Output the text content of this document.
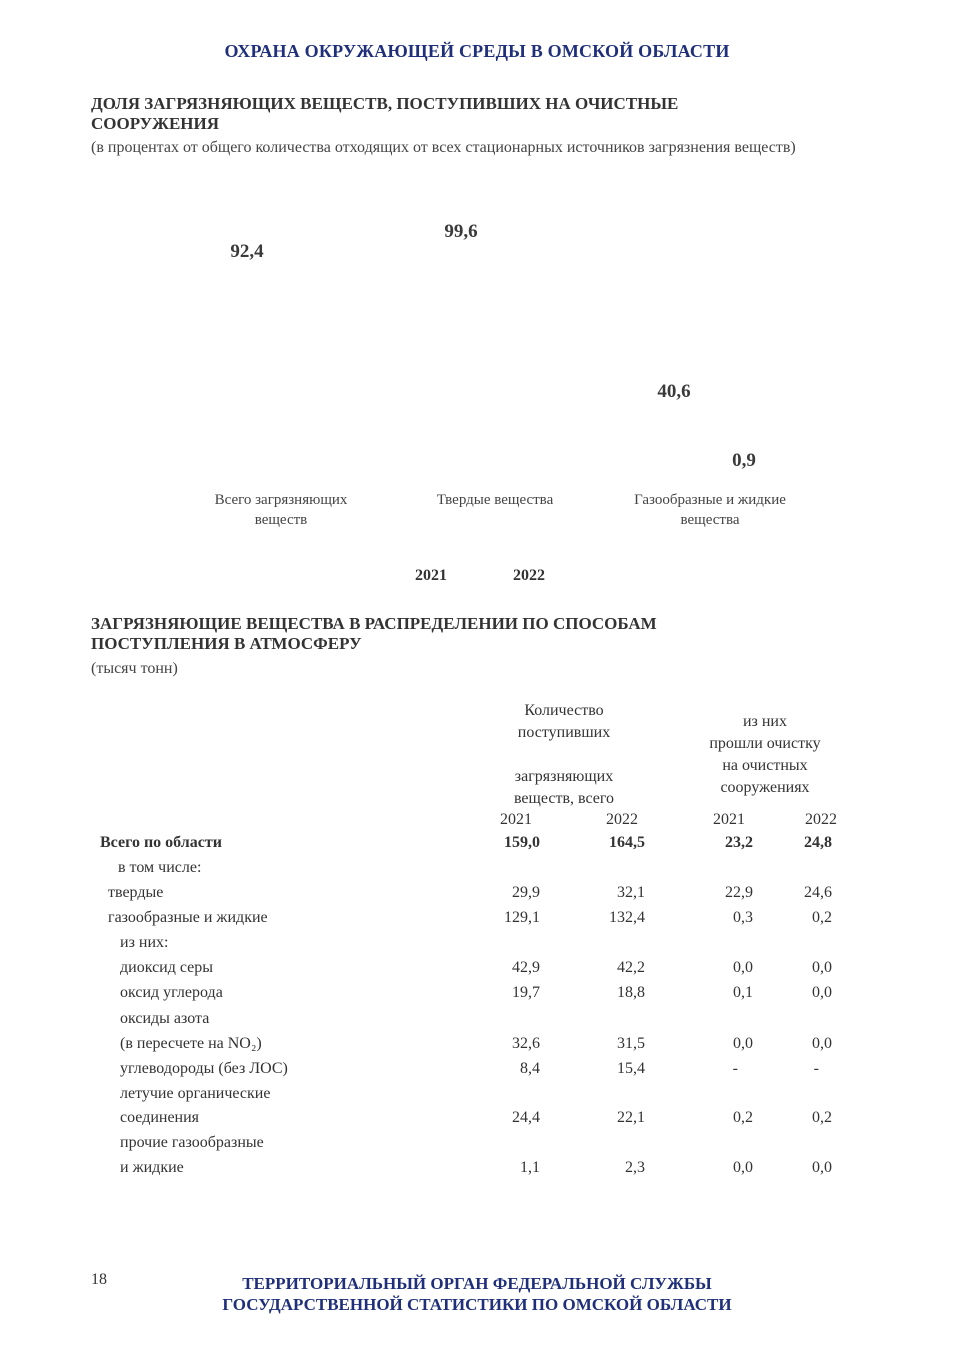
ОХРАНА ОКРУЖАЮЩЕЙ СРЕДЫ В ОМСКОЙ ОБЛАСТИ
ДОЛЯ ЗАГРЯЗНЯЮЩИХ ВЕЩЕСТВ, ПОСТУПИВШИХ НА ОЧИСТНЫЕ СООРУЖЕНИЯ
(в процентах от общего количества отходящих от всех стационарных источников загрязнения веществ)
92,4
99,6
40,6
0,9
Всего загрязняющих веществ
Твердые вещества	Газообразные и жидкие вещества
2021	2022
ЗАГРЯЗНЯЮЩИЕ ВЕЩЕСТВА В РАСПРЕДЕЛЕНИИ ПО СПОСОБАМ ПОСТУПЛЕНИЯ В АТМОСФЕРУ
(тысяч тонн)
Количество
поступивших
загрязняющих
веществ, всего
из них
прошли очистку
на очистных
сооружениях
2021	2022	2021	2022
Всего по области	159,0	164,5	23,2	24,8
в том числе:
твердые	29,9	32,1	22,9	24,6
газообразные и жидкие	129,1	132,4	0,3	0,2
из них:
диоксид серы	42,9	42,2	0,0	0,0
оксид углерода	19,7	18,8	0,1	0,0
оксиды азота
(в пересчете на NO₂)	32,6	31,5	0,0	0,0
углеводороды (без ЛОС)	8,4	15,4	-	-
летучие органические
соединения	24,4	22,1	0,2	0,2
прочие газообразные
и жидкие	1,1	2,3	0,0	0,0
18	ТЕРРИТОРИАЛЬНЫЙ ОРГАН ФЕДЕРАЛЬНОЙ СЛУЖБЫ
ГОСУДАРСТВЕННОЙ СТАТИСТИКИ ПО ОМСКОЙ ОБЛАСТИ
